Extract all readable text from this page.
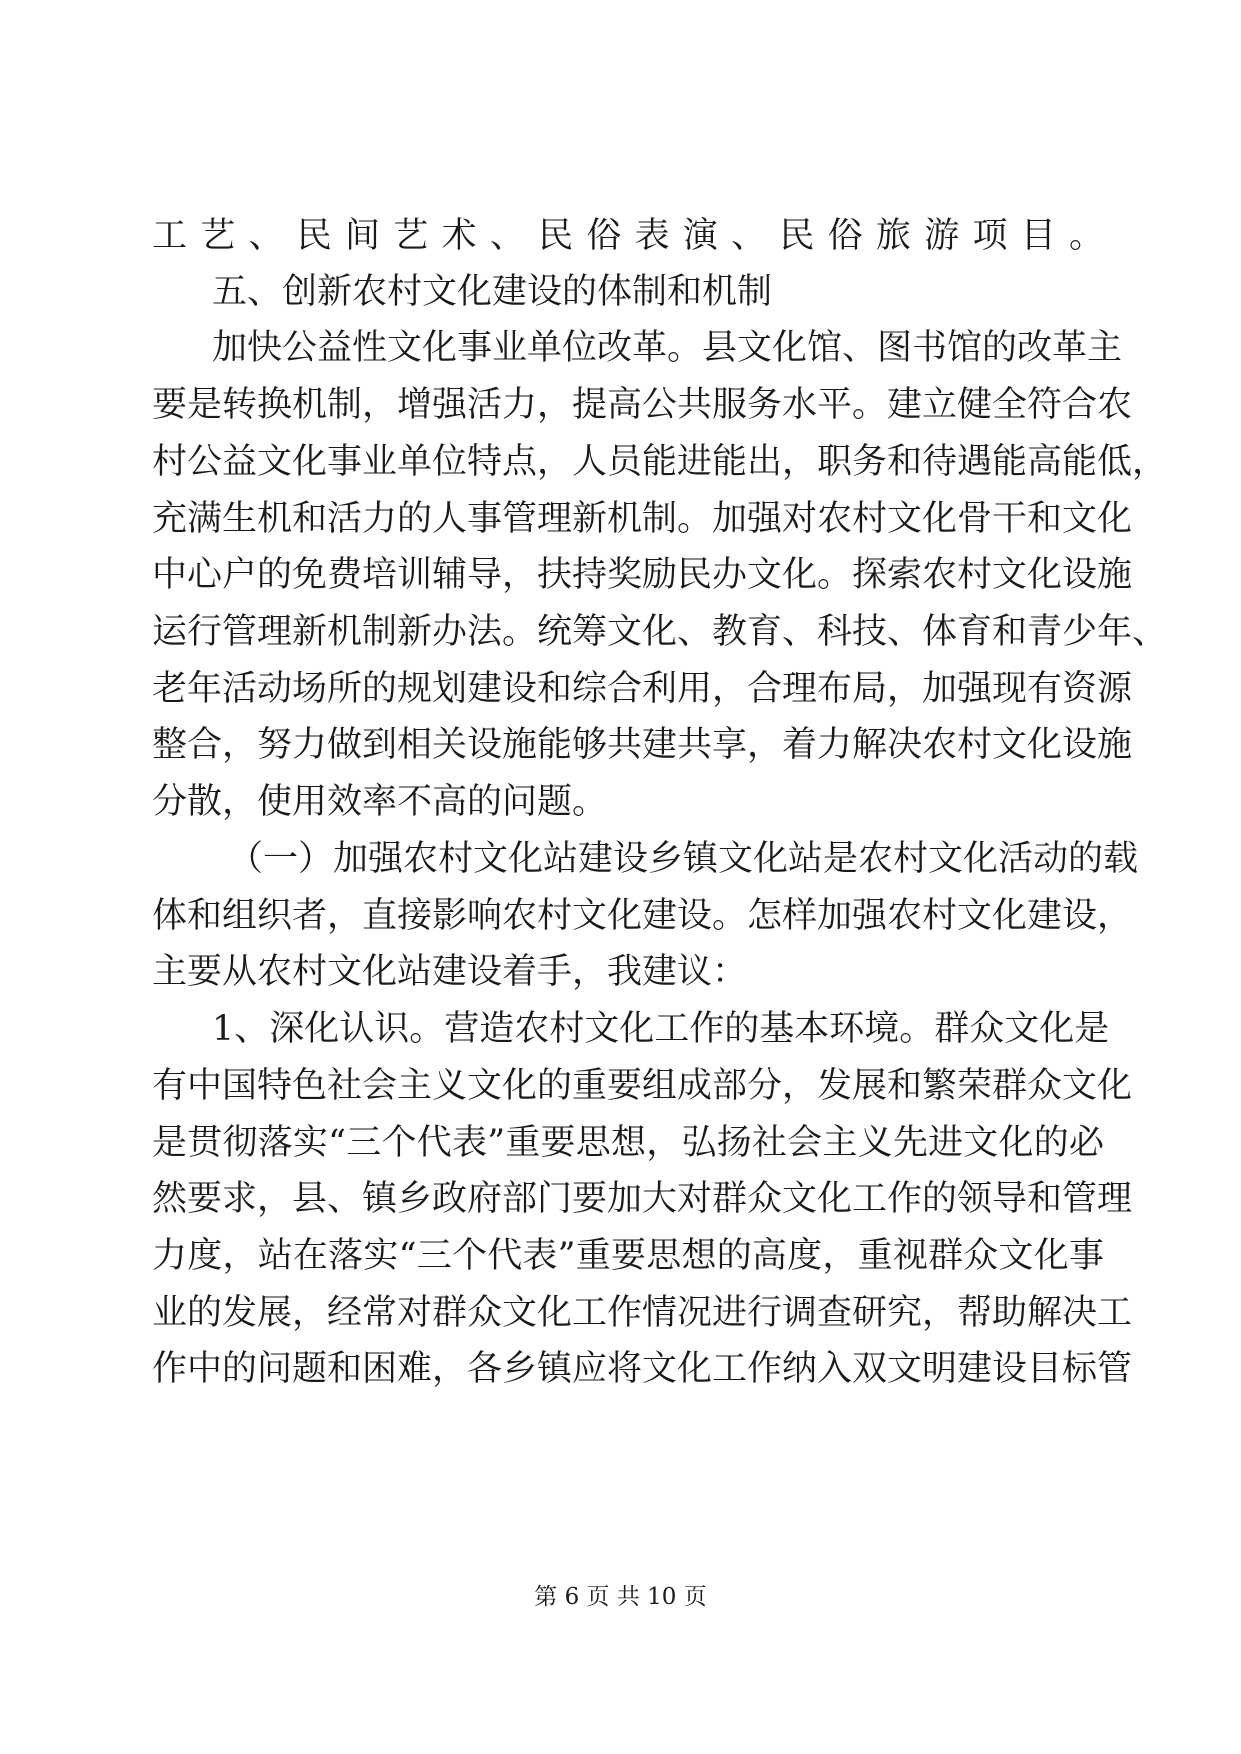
工艺、民间艺术、民俗表演、民俗旅游项目。
五、创新农村文化建设的体制和机制
加快公益性文化事业单位改革。县文化馆、图书馆的改革主
要是转换机制，增强活力，提高公共服务水平。建立健全符合农
村公益文化事业单位特点，人员能进能出，职务和待遇能高能低，
充满生机和活力的人事管理新机制。加强对农村文化骨干和文化
中心户的免费培训辅导，扶持奖励民办文化。探索农村文化设施
运行管理新机制新办法。统筹文化、教育、科技、体育和青少年、
老年活动场所的规划建设和综合利用，合理布局，加强现有资源
整合，努力做到相关设施能够共建共享，着力解决农村文化设施
分散，使用效率不高的问题。
（一）加强农村文化站建设乡镇文化站是农村文化活动的载
体和组织者，直接影响农村文化建设。怎样加强农村文化建设，
主要从农村文化站建设着手，我建议：
1、深化认识。营造农村文化工作的基本环境。群众文化是
有中国特色社会主义文化的重要组成部分，发展和繁荣群众文化
是贯彻落实“三个代表”重要思想，弘扬社会主义先进文化的必
然要求，县、镇乡政府部门要加大对群众文化工作的领导和管理
力度，站在落实“三个代表”重要思想的高度，重视群众文化事
业的发展，经常对群众文化工作情况进行调查研究，帮助解决工
作中的问题和困难，各乡镇应将文化工作纳入双文明建设目标管
第 6 页 共 10 页
